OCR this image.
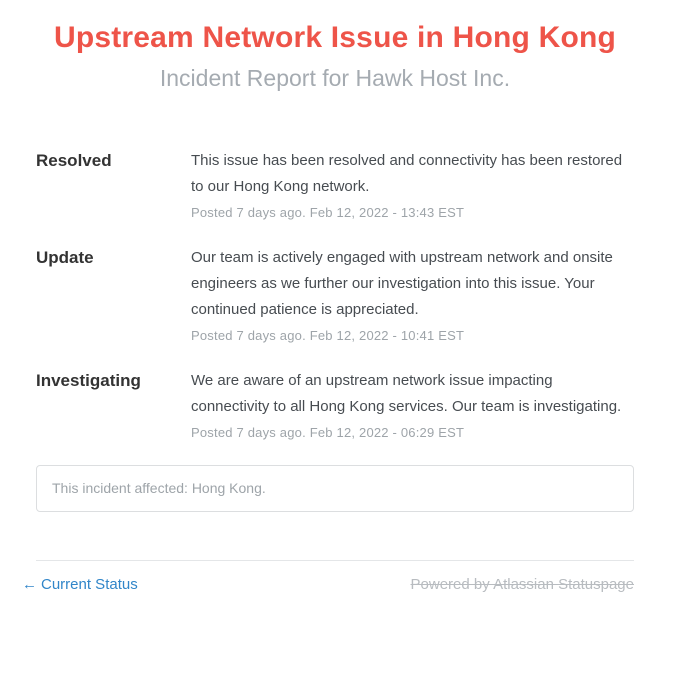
Upstream Network Issue in Hong Kong
Incident Report for Hawk Host Inc.
Resolved	This issue has been resolved and connectivity has been restored to our Hong Kong network.
Posted 7 days ago. Feb 12, 2022 - 13:43 EST
Update	Our team is actively engaged with upstream network and onsite engineers as we further our investigation into this issue. Your continued patience is appreciated.
Posted 7 days ago. Feb 12, 2022 - 10:41 EST
Investigating	We are aware of an upstream network issue impacting connectivity to all Hong Kong services. Our team is investigating.
Posted 7 days ago. Feb 12, 2022 - 06:29 EST
This incident affected: Hong Kong.
← Current Status	Powered by Atlassian Statuspage
